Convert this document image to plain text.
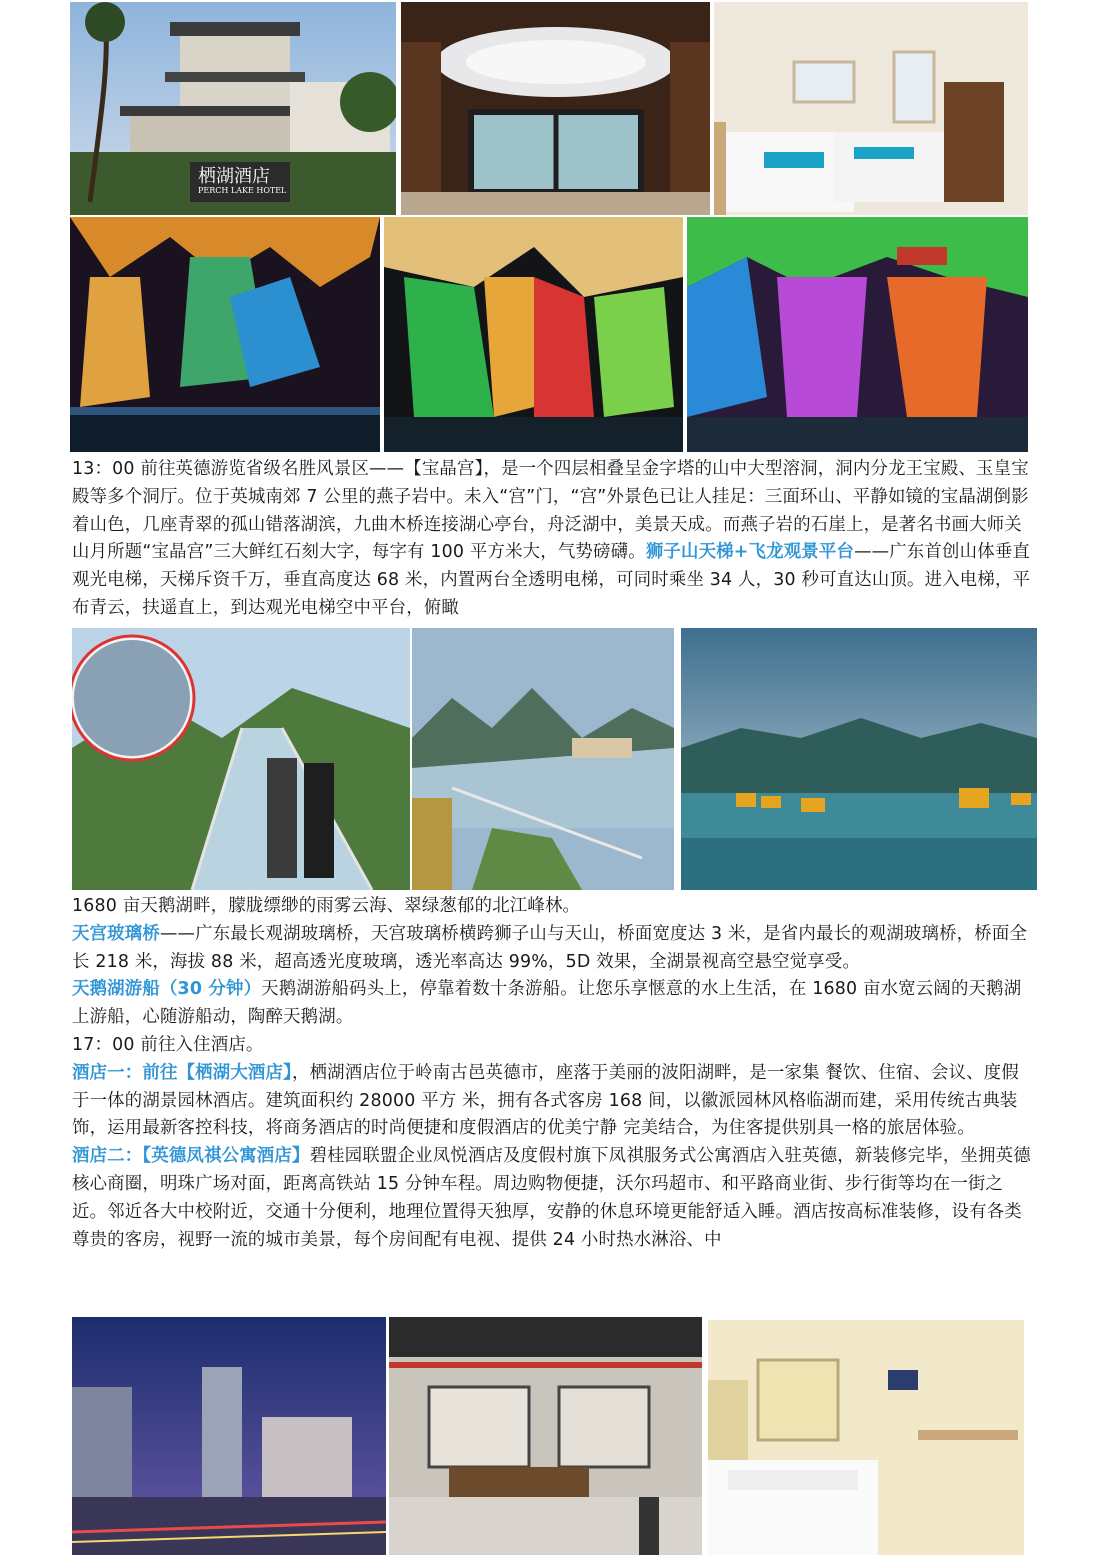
栖湖酒店
PERCH LAKE HOTEL

13：00 前往英德游览省级名胜风景区——【宝晶宫】，是一个四层相叠呈金字塔的山中大型溶洞，洞内分龙王宝殿、玉皇宝殿等多个洞厅。位于英城南郊 7 公里的燕子岩中。未入“宫”门，“宫”外景色已让人挂足：三面环山、平静如镜的宝晶湖倒影着山色，几座青翠的孤山错落湖滨，九曲木桥连接湖心亭台，舟泛湖中，美景天成。而燕子岩的石崖上，是著名书画大师关山月所题“宝晶宫”三大鲜红石刻大字，每字有 100 平方米大，气势磅礴。狮子山天梯+飞龙观景平台——广东首创山体垂直观光电梯，天梯斥资千万，垂直高度达 68 米，内置两台全透明电梯，可同时乘坐 34 人，30 秒可直达山顶。进入电梯，平布青云，扶遥直上，到达观光电梯空中平台，俯瞰

1680 亩天鹅湖畔，朦胧缥缈的雨雾云海、翠绿葱郁的北江峰林。

天宫玻璃桥——广东最长观湖玻璃桥，天宫玻璃桥横跨狮子山与天山，桥面宽度达 3 米，是省内最长的观湖玻璃桥，桥面全长 218 米，海拔 88 米，超高透光度玻璃，透光率高达 99%，5D 效果，全湖景视高空悬空觉享受。

天鹅湖游船（30 分钟）天鹅湖游船码头上，停靠着数十条游船。让您乐享惬意的水上生活，在 1680 亩水宽云阔的天鹅湖上游船，心随游船动，陶醉天鹅湖。

17：00 前往入住酒店。

酒店一：前往【栖湖大酒店】，栖湖酒店位于岭南古邑英德市，座落于美丽的波阳湖畔，是一家集 餐饮、住宿、会议、度假于一体的湖景园林酒店。建筑面积约 28000 平方 米，拥有各式客房 168 间，以徽派园林风格临湖而建，采用传统古典装 饰，运用最新客控科技，将商务酒店的时尚便捷和度假酒店的优美宁静 完美结合，为住客提供别具一格的旅居体验。

酒店二：【英德凤祺公寓酒店】碧桂园联盟企业凤悦酒店及度假村旗下凤祺服务式公寓酒店入驻英德，新装修完毕，坐拥英德核心商圈，明珠广场对面，距离高铁站 15 分钟车程。周边购物便捷，沃尔玛超市、和平路商业街、步行街等均在一街之近。邻近各大中校附近，交通十分便利，地理位置得天独厚，安静的休息环境更能舒适入睡。酒店按高标准装修，设有各类尊贵的客房，视野一流的城市美景，每个房间配有电视、提供 24 小时热水淋浴、中
